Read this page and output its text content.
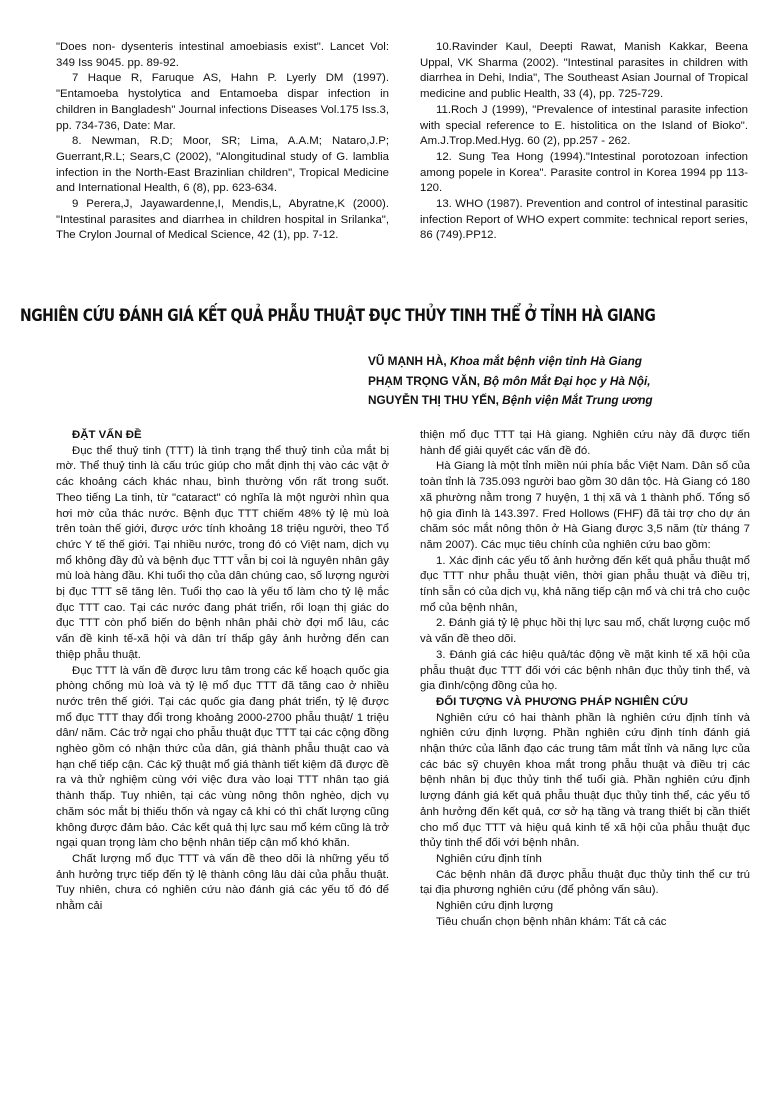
"Does non- dysenteris intestinal amoebiasis exist". Lancet Vol: 349 Iss 9045. pp. 89-92.

7 Haque R, Faruque AS, Hahn P. Lyerly DM (1997). "Entamoeba hystolytica and Entamoeba dispar infection in children in Bangladesh" Journal infections Diseases Vol.175 Iss.3, pp. 734-736, Date: Mar.

8. Newman, R.D; Moor, SR; Lima, A.A.M; Nataro,J.P; Guerrant,R.L; Sears,C (2002), "Alongitudinal study of G. lamblia infection in the North-East Brazinlian children", Tropical Medicine and International Health, 6 (8), pp. 623-634.

9 Perera,J, Jayawardenne,I, Mendis,L, Abyratne,K (2000). "Intestinal parasites and diarrhea in children hospital in Srilanka", The Crylon Journal of Medical Science, 42 (1), pp. 7-12.

10.Ravinder Kaul, Deepti Rawat, Manish Kakkar, Beena Uppal, VK Sharma (2002). "Intestinal parasites in children with diarrhea in Dehi, India", The Southeast Asian Journal of Tropical medicine and public Health, 33 (4), pp. 725-729.

11.Roch J (1999), "Prevalence of intestinal parasite infection with special reference to E. histolitica on the Island of Bioko". Am.J.Trop.Med.Hyg. 60 (2), pp.257 - 262.

12. Sung Tea Hong (1994)."Intestinal porotozoan infection among popele in Korea". Parasite control in Korea 1994 pp 113-120.

13. WHO (1987). Prevention and control of intestinal parasitic infection Report of WHO expert commite: technical report series, 86 (749).PP12.

NGHIÊN CỨU ĐÁNH GIÁ KẾT QUẢ PHẪU THUẬT ĐỤC THỦY TINH THỂ Ở TỈNH HÀ GIANG
VŨ MẠNH HÀ, Khoa mắt bệnh viện tỉnh Hà Giang
PHẠM TRỌNG VĂN, Bộ môn Mắt Đại học y Hà Nội,
NGUYỄN THỊ THU YẾN, Bệnh viện Mắt Trung ương

ĐẶT VẤN ĐỀ

Đục thể thuỷ tinh (TTT) là tình trạng thể thuỷ tinh của mắt bị mờ. Thể thuỷ tinh là cấu trúc giúp cho mắt định thị vào các vật ở các khoảng cách khác nhau, bình thường vốn rất trong suốt. Theo tiếng La tinh, từ "cataract" có nghĩa là một người nhìn qua hơi mờ của thác nước. Bệnh đục TTT chiếm 48% tỷ lệ mù loà trên toàn thế giới, được ước tính khoảng 18 triệu người, theo Tổ chức Y tế thế giới. Tại nhiều nước, trong đó có Việt nam, dịch vụ mổ không đầy đủ và bệnh đục TTT vẫn bị coi là nguyên nhân gây mù loà hàng đầu. Khi tuổi thọ của dân chúng cao, số lượng người bị đục TTT sẽ tăng lên. Tuổi thọ cao là yếu tố làm cho tỷ lệ mắc đục TTT cao. Tại các nước đang phát triển, rối loạn thị giác do đục TTT còn phổ biến do bệnh nhân phải chờ đợi mổ lâu, các vấn đề kinh tế-xã hội và dân trí thấp gây ảnh hưởng đến can thiệp phẫu thuật.

Đục TTT là vấn đề được lưu tâm trong các kế hoạch quốc gia phòng chống mù loà và tỷ lệ mổ đục TTT đã tăng cao ở nhiều nước trên thế giới. Tại các quốc gia đang phát triển, tỷ lệ được mổ đục TTT thay đổi trong khoảng 2000-2700 phẫu thuật/ 1 triệu dân/ năm. Các trở ngại cho phẫu thuật đục TTT tại các cộng đồng nghèo gồm có nhận thức của dân, giá thành phẫu thuật cao và hạn chế tiếp cận. Các kỹ thuật mổ giá thành tiết kiệm đã được đề ra và thử nghiệm cùng với việc đưa vào loại TTT nhân tạo giá thành thấp. Tuy nhiên, tại các vùng nông thôn nghèo, dịch vụ chăm sóc mắt bị thiếu thốn và ngay cả khi có thì chất lượng cũng không được đảm bảo. Các kết quả thị lực sau mổ kém cũng là trở ngại quan trọng làm cho bệnh nhân tiếp cận mổ khó khăn.

Chất lượng mổ đục TTT và vấn đề theo dõi là những yếu tố ảnh hưởng trực tiếp đến tỷ lệ thành công lâu dài của phẫu thuật. Tuy nhiên, chưa có nghiên cứu nào đánh giá các yếu tố đó để nhằm cải

thiện mổ đục TTT tại Hà giang. Nghiên cứu này đã được tiến hành để giải quyết các vấn đề đó.

Hà Giang là một tỉnh miền núi phía bắc Việt Nam. Dân số của toàn tỉnh là 735.093 người bao gồm 30 dân tộc. Hà Giang có 180 xã phường nằm trong 7 huyện, 1 thị xã và 1 thành phố. Tổng số hộ gia đình là 143.397. Fred Hollows (FHF) đã tài trợ cho dự án chăm sóc mắt nông thôn ở Hà Giang được 3,5 năm (từ tháng 7 năm 2007). Các mục tiêu chính của nghiên cứu bao gồm:

1. Xác định các yếu tố ảnh hưởng đến kết quả phẫu thuật mổ đục TTT như phẫu thuật viên, thời gian phẫu thuật và điều trị, tính sẵn có của dịch vụ, khả năng tiếp cận mổ và chi trả cho cuộc mổ của bệnh nhân,

2. Đánh giá tỷ lệ phục hồi thị lực sau mổ, chất lượng cuộc mổ và vấn đề theo dõi.

3. Đánh giá các hiệu quả/tác động về mặt kinh tế xã hội của phẫu thuật đục TTT đối với các bệnh nhân đục thủy tinh thể, và gia đình/cộng đồng của họ.

ĐỐI TƯỢNG VÀ PHƯƠNG PHÁP NGHIÊN CỨU

Nghiên cứu có hai thành phần là nghiên cứu định tính và nghiên cứu định lượng. Phần nghiên cứu định tính đánh giá nhận thức của lãnh đạo các trung tâm mắt tỉnh và năng lực của các bác sỹ chuyên khoa mắt trong phẫu thuật và điều trị các bệnh nhân bị đục thủy tinh thể tuổi già. Phần nghiên cứu định lượng đánh giá kết quả phẫu thuật đục thủy tinh thể, các yếu tố ảnh hưởng đến kết quả, cơ sở hạ tầng và trang thiết bị cần thiết cho mổ đục TTT và hiệu quả kinh tế xã hội của phẫu thuật đục thủy tinh thể đối với bệnh nhân.

Nghiên cứu định tính

Các bệnh nhân đã được phẫu thuật đục thủy tinh thể cư trú tại địa phương nghiên cứu (để phỏng vấn sâu).

Nghiên cứu định lượng

Tiêu chuẩn chọn bệnh nhân khám: Tất cả các
